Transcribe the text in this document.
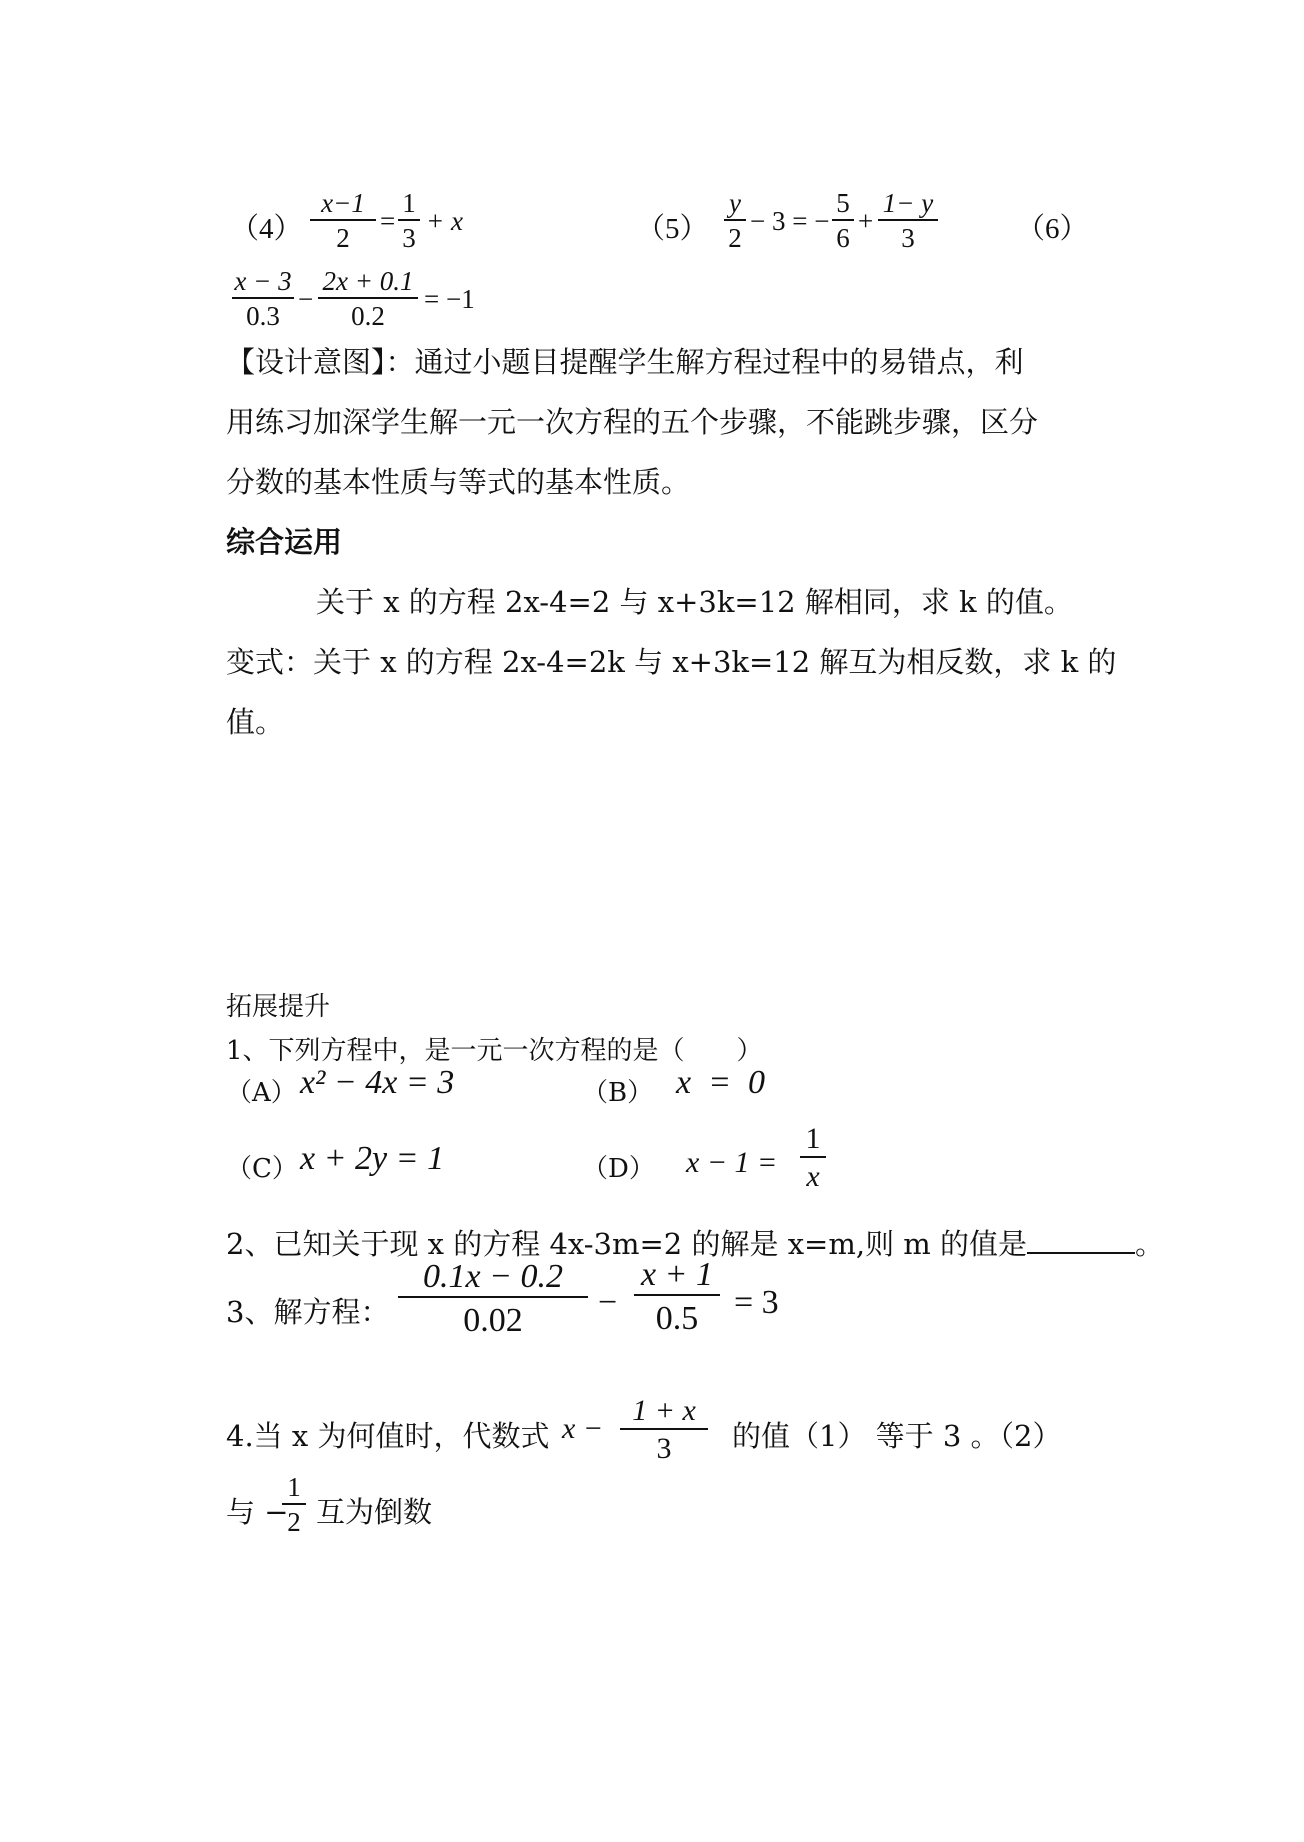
（4）
x−1
2
=
1
3
+ x	（5）
y
2
− 3 = −
5
6
+
1− y
3	（6）
x − 3
0.3
−
2x + 0.1
0.2
= −1
【设计意图】：通过小题目提醒学生解方程过程中的易错点，利
用练习加深学生解一元一次方程的五个步骤，不能跳步骤，区分
分数的基本性质与等式的基本性质。
综合运用
关于 x 的方程 2x-4=2 与 x+3k=12 解相同，求 k 的值。
变式：关于 x 的方程 2x-4=2k 与 x+3k=12 解互为相反数，求 k 的
值。
拓展提升
1、下列方程中，是一元一次方程的是（　　）
（A） x² − 4x = 3	（B） x  =  0
（C） x + 2y = 1	（D） x − 1 =
1
x
2、已知关于现 x 的方程 4x-3m=2 的解是 x=m,则 m 的值是	。
3、解方程：
0.1x − 0.2
0.02	−
x + 1
0.5	= 3
4.当 x 为何值时，代数式 x −
1 + x
3	的值（1） 等于 3 。（2）
与 −
1
2 互为倒数
